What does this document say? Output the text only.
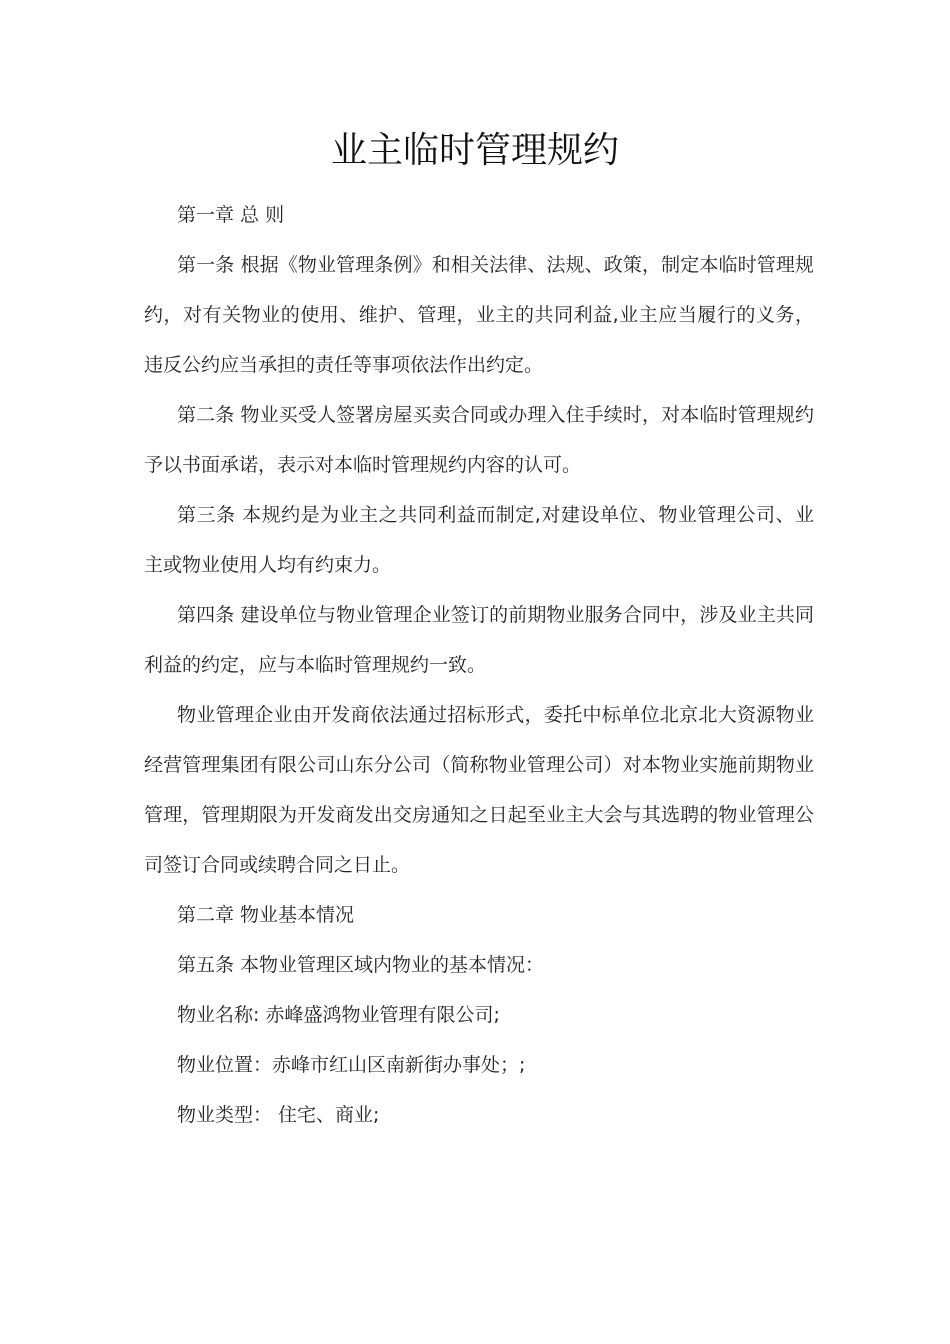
业主临时管理规约

第一章 总 则

第一条 根据《物业管理条例》和相关法律、法规、政策，制定本临时管理规约，对有关物业的使用、维护、管理，业主的共同利益,业主应当履行的义务，违反公约应当承担的责任等事项依法作出约定。

第二条 物业买受人签署房屋买卖合同或办理入住手续时，对本临时管理规约予以书面承诺，表示对本临时管理规约内容的认可。

第三条 本规约是为业主之共同利益而制定,对建设单位、物业管理公司、业主或物业使用人均有约束力。

第四条 建设单位与物业管理企业签订的前期物业服务合同中，涉及业主共同利益的约定，应与本临时管理规约一致。

物业管理企业由开发商依法通过招标形式，委托中标单位北京北大资源物业经营管理集团有限公司山东分公司（简称物业管理公司）对本物业实施前期物业管理，管理期限为开发商发出交房通知之日起至业主大会与其选聘的物业管理公司签订合同或续聘合同之日止。

第二章 物业基本情况

第五条 本物业管理区域内物业的基本情况：

物业名称: 赤峰盛鸿物业管理有限公司;

物业位置：赤峰市红山区南新街办事处；;

物业类型： 住宅、商业;
